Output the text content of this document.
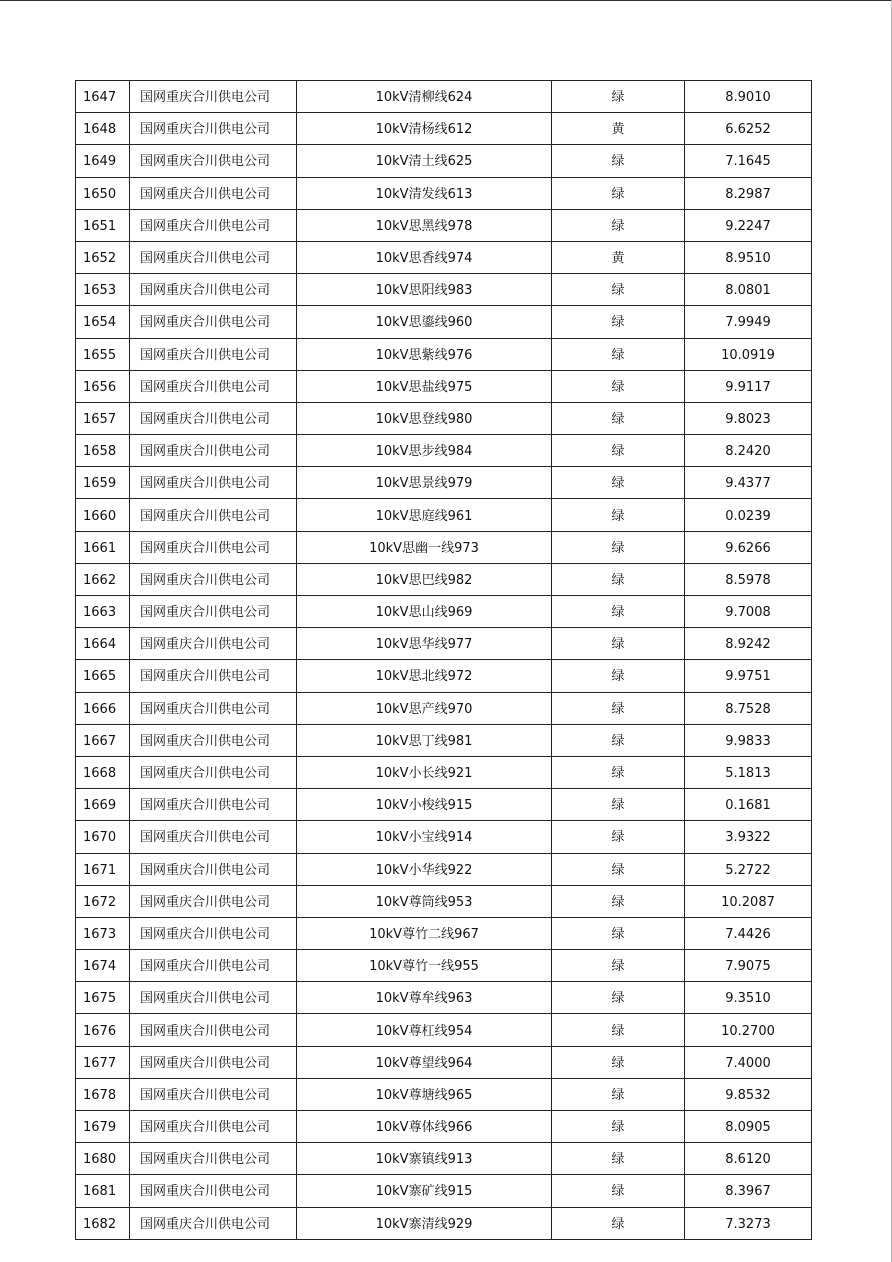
1647	国网重庆合川供电公司	10kV清柳线624	绿	8.9010
1648	国网重庆合川供电公司	10kV清杨线612	黄	6.6252
1649	国网重庆合川供电公司	10kV清土线625	绿	7.1645
1650	国网重庆合川供电公司	10kV清发线613	绿	8.2987
1651	国网重庆合川供电公司	10kV思黑线978	绿	9.2247
1652	国网重庆合川供电公司	10kV思香线974	黄	8.9510
1653	国网重庆合川供电公司	10kV思阳线983	绿	8.0801
1654	国网重庆合川供电公司	10kV思鎏线960	绿	7.9949
1655	国网重庆合川供电公司	10kV思紫线976	绿	10.0919
1656	国网重庆合川供电公司	10kV思盐线975	绿	9.9117
1657	国网重庆合川供电公司	10kV思登线980	绿	9.8023
1658	国网重庆合川供电公司	10kV思步线984	绿	8.2420
1659	国网重庆合川供电公司	10kV思景线979	绿	9.4377
1660	国网重庆合川供电公司	10kV思庭线961	绿	0.0239
1661	国网重庆合川供电公司	10kV思幽一线973	绿	9.6266
1662	国网重庆合川供电公司	10kV思巴线982	绿	8.5978
1663	国网重庆合川供电公司	10kV思山线969	绿	9.7008
1664	国网重庆合川供电公司	10kV思华线977	绿	8.9242
1665	国网重庆合川供电公司	10kV思北线972	绿	9.9751
1666	国网重庆合川供电公司	10kV思产线970	绿	8.7528
1667	国网重庆合川供电公司	10kV思丁线981	绿	9.9833
1668	国网重庆合川供电公司	10kV小长线921	绿	5.1813
1669	国网重庆合川供电公司	10kV小梭线915	绿	0.1681
1670	国网重庆合川供电公司	10kV小宝线914	绿	3.9322
1671	国网重庆合川供电公司	10kV小华线922	绿	5.2722
1672	国网重庆合川供电公司	10kV尊筒线953	绿	10.2087
1673	国网重庆合川供电公司	10kV尊竹二线967	绿	7.4426
1674	国网重庆合川供电公司	10kV尊竹一线955	绿	7.9075
1675	国网重庆合川供电公司	10kV尊牟线963	绿	9.3510
1676	国网重庆合川供电公司	10kV尊杠线954	绿	10.2700
1677	国网重庆合川供电公司	10kV尊望线964	绿	7.4000
1678	国网重庆合川供电公司	10kV尊塘线965	绿	9.8532
1679	国网重庆合川供电公司	10kV尊体线966	绿	8.0905
1680	国网重庆合川供电公司	10kV寨镇线913	绿	8.6120
1681	国网重庆合川供电公司	10kV寨矿线915	绿	8.3967
1682	国网重庆合川供电公司	10kV寨清线929	绿	7.3273
